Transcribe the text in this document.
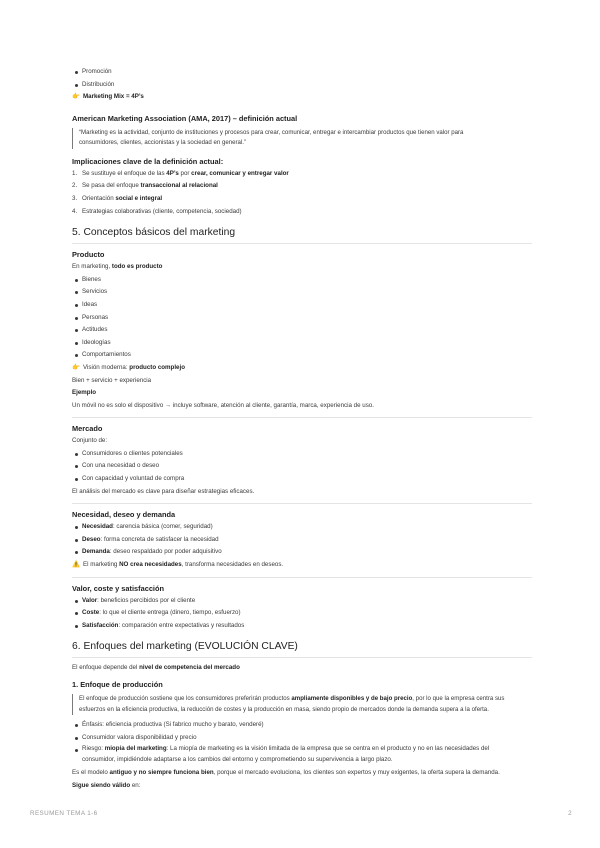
Promoción
Distribución
👉 Marketing Mix = 4P’s
American Marketing Association (AMA, 2017) – definición actual
“Marketing es la actividad, conjunto de instituciones y procesos para crear, comunicar, entregar e intercambiar productos que tienen valor para
consumidores, clientes, accionistas y la sociedad en general.”
Implicaciones clave de la definición actual:
1. Se sustituye el enfoque de las 4P’s por crear, comunicar y entregar valor
2. Se pasa del enfoque transaccional al relacional
3. Orientación social e integral
4. Estrategias colaborativas (cliente, competencia, sociedad)
5. Conceptos básicos del marketing
Producto
En marketing, todo es producto
Bienes
Servicios
Ideas
Personas
Actitudes
Ideologías
Comportamientos
👉 Visión moderna: producto complejo
Bien + servicio + experiencia
Ejemplo
Un móvil no es solo el dispositivo → incluye software, atención al cliente, garantía, marca, experiencia de uso.
Mercado
Conjunto de:
Consumidores o clientes potenciales
Con una necesidad o deseo
Con capacidad y voluntad de compra
El análisis del mercado es clave para diseñar estrategias eficaces.
Necesidad, deseo y demanda
Necesidad: carencia básica (comer, seguridad)
Deseo: forma concreta de satisfacer la necesidad
Demanda: deseo respaldado por poder adquisitivo
⚠️ El marketing NO crea necesidades, transforma necesidades en deseos.
Valor, coste y satisfacción
Valor: beneficios percibidos por el cliente
Coste: lo que el cliente entrega (dinero, tiempo, esfuerzo)
Satisfacción: comparación entre expectativas y resultados
6. Enfoques del marketing (EVOLUCIÓN CLAVE)
El enfoque depende del nivel de competencia del mercado
1. Enfoque de producción
El enfoque de producción sostiene que los consumidores preferirán productos ampliamente disponibles y de bajo precio, por lo que la empresa centra sus
esfuerzos en la eficiencia productiva, la reducción de costes y la producción en masa, siendo propio de mercados donde la demanda supera a la oferta.
Énfasis: eficiencia productiva (Si fabrico mucho y barato, venderé)
Consumidor valora disponibilidad y precio
Riesgo: miopía del marketing: La miopía de marketing es la visión limitada de la empresa que se centra en el producto y no en las necesidades del
consumidor, impidiéndole adaptarse a los cambios del entorno y comprometiendo su supervivencia a largo plazo.
Es el modelo antiguo y no siempre funciona bien, porque el mercado evoluciona, los clientes son expertos y muy exigentes, la oferta supera la demanda.
Sigue siendo válido en:
RESUMEN TEMA 1-6	2
